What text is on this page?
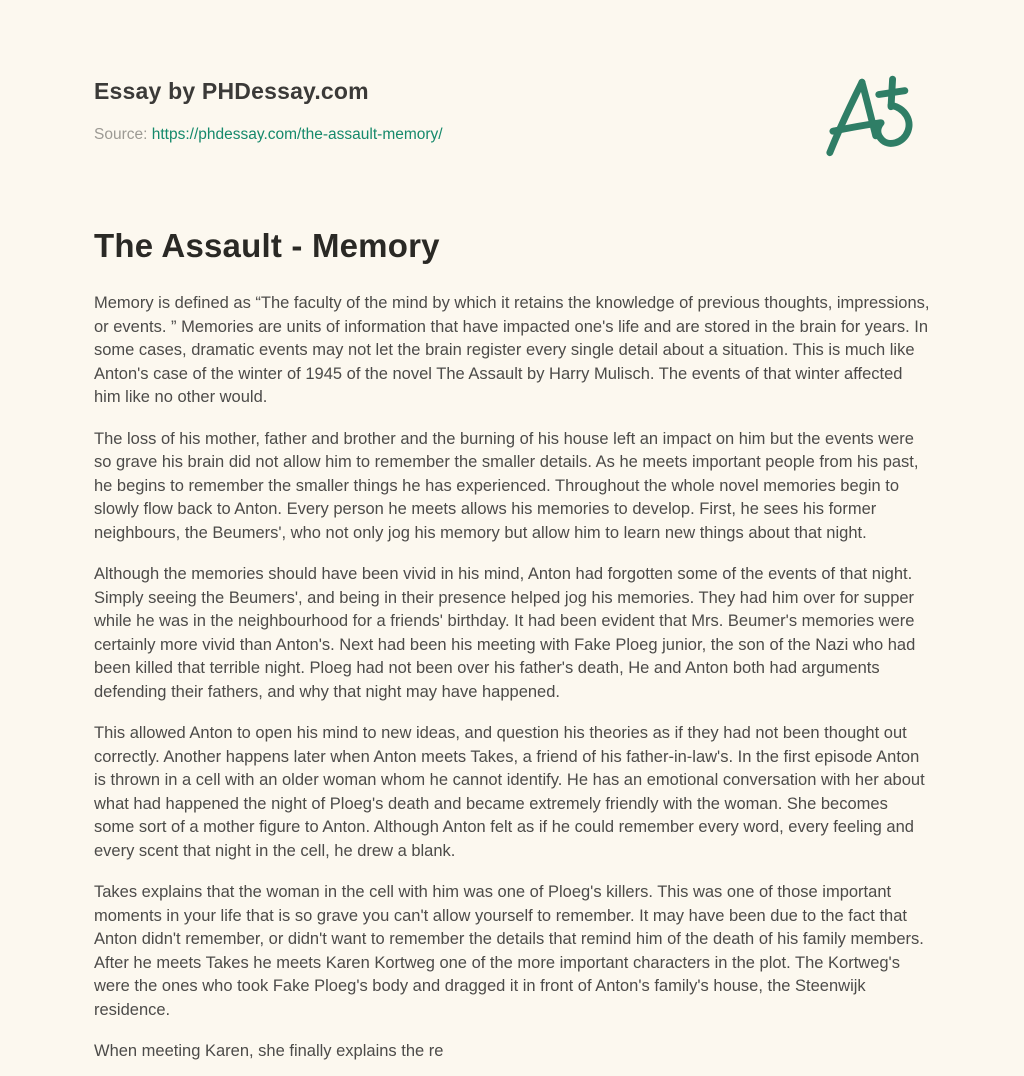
Essay by PHDessay.com
Source: https://phdessay.com/the-assault-memory/
The Assault - Memory

Memory is defined as “The faculty of the mind by which it retains the knowledge of previous thoughts, impressions, or events. ” Memories are units of information that have impacted one's life and are stored in the brain for years. In some cases, dramatic events may not let the brain register every single detail about a situation. This is much like Anton's case of the winter of 1945 of the novel The Assault by Harry Mulisch. The events of that winter affected him like no other would.

The loss of his mother, father and brother and the burning of his house left an impact on him but the events were so grave his brain did not allow him to remember the smaller details. As he meets important people from his past, he begins to remember the smaller things he has experienced. Throughout the whole novel memories begin to slowly flow back to Anton. Every person he meets allows his memories to develop. First, he sees his former neighbours, the Beumers', who not only jog his memory but allow him to learn new things about that night.

Although the memories should have been vivid in his mind, Anton had forgotten some of the events of that night. Simply seeing the Beumers', and being in their presence helped jog his memories. They had him over for supper while he was in the neighbourhood for a friends' birthday. It had been evident that Mrs. Beumer's memories were certainly more vivid than Anton's. Next had been his meeting with Fake Ploeg junior, the son of the Nazi who had been killed that terrible night. Ploeg had not been over his father's death, He and Anton both had arguments defending their fathers, and why that night may have happened.

This allowed Anton to open his mind to new ideas, and question his theories as if they had not been thought out correctly. Another happens later when Anton meets Takes, a friend of his father-in-law's. In the first episode Anton is thrown in a cell with an older woman whom he cannot identify. He has an emotional conversation with her about what had happened the night of Ploeg's death and became extremely friendly with the woman. She becomes some sort of a mother figure to Anton. Although Anton felt as if he could remember every word, every feeling and every scent that night in the cell, he drew a blank.

Takes explains that the woman in the cell with him was one of Ploeg's killers. This was one of those important moments in your life that is so grave you can't allow yourself to remember. It may have been due to the fact that Anton didn't remember, or didn't want to remember the details that remind him of the death of his family members. After he meets Takes he meets Karen Kortweg one of the more important characters in the plot. The Kortweg's were the ones who took Fake Ploeg's body and dragged it in front of Anton's family's house, the Steenwijk residence.

When meeting Karen, she finally explains the re
